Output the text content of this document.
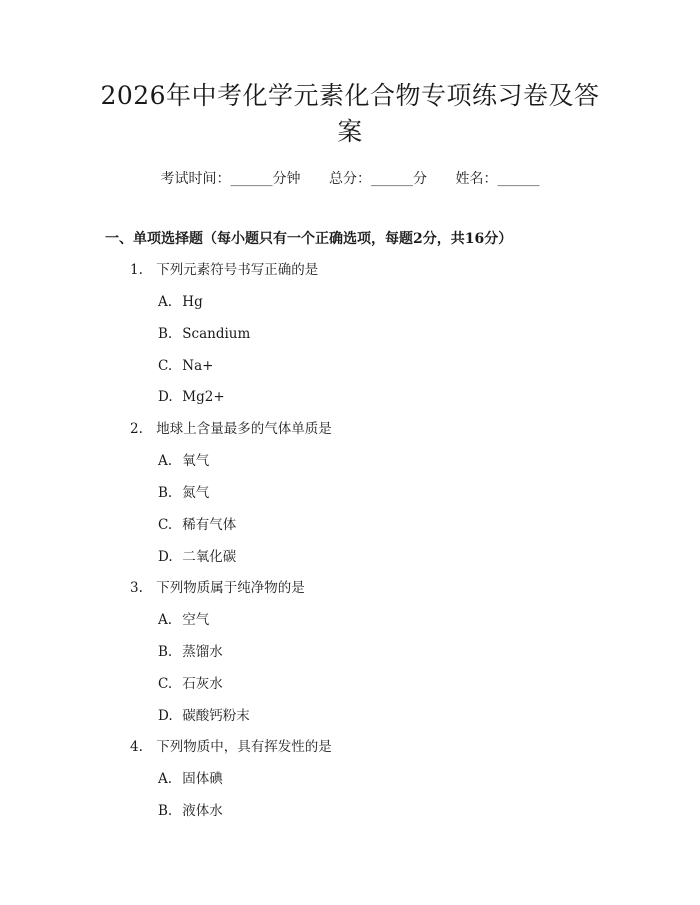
2026年中考化学元素化合物专项练习卷及答
案
考试时间：______分钟 总分：______分 姓名：______
一、单项选择题（每小题只有一个正确选项，每题2分，共16分）
1. 下列元素符号书写正确的是
A. Hg
B. Scandium
C. Na+
D. Mg2+
2. 地球上含量最多的气体单质是
A. 氧气
B. 氮气
C. 稀有气体
D. 二氧化碳
3. 下列物质属于纯净物的是
A. 空气
B. 蒸馏水
C. 石灰水
D. 碳酸钙粉末
4. 下列物质中，具有挥发性的是
A. 固体碘
B. 液体水
